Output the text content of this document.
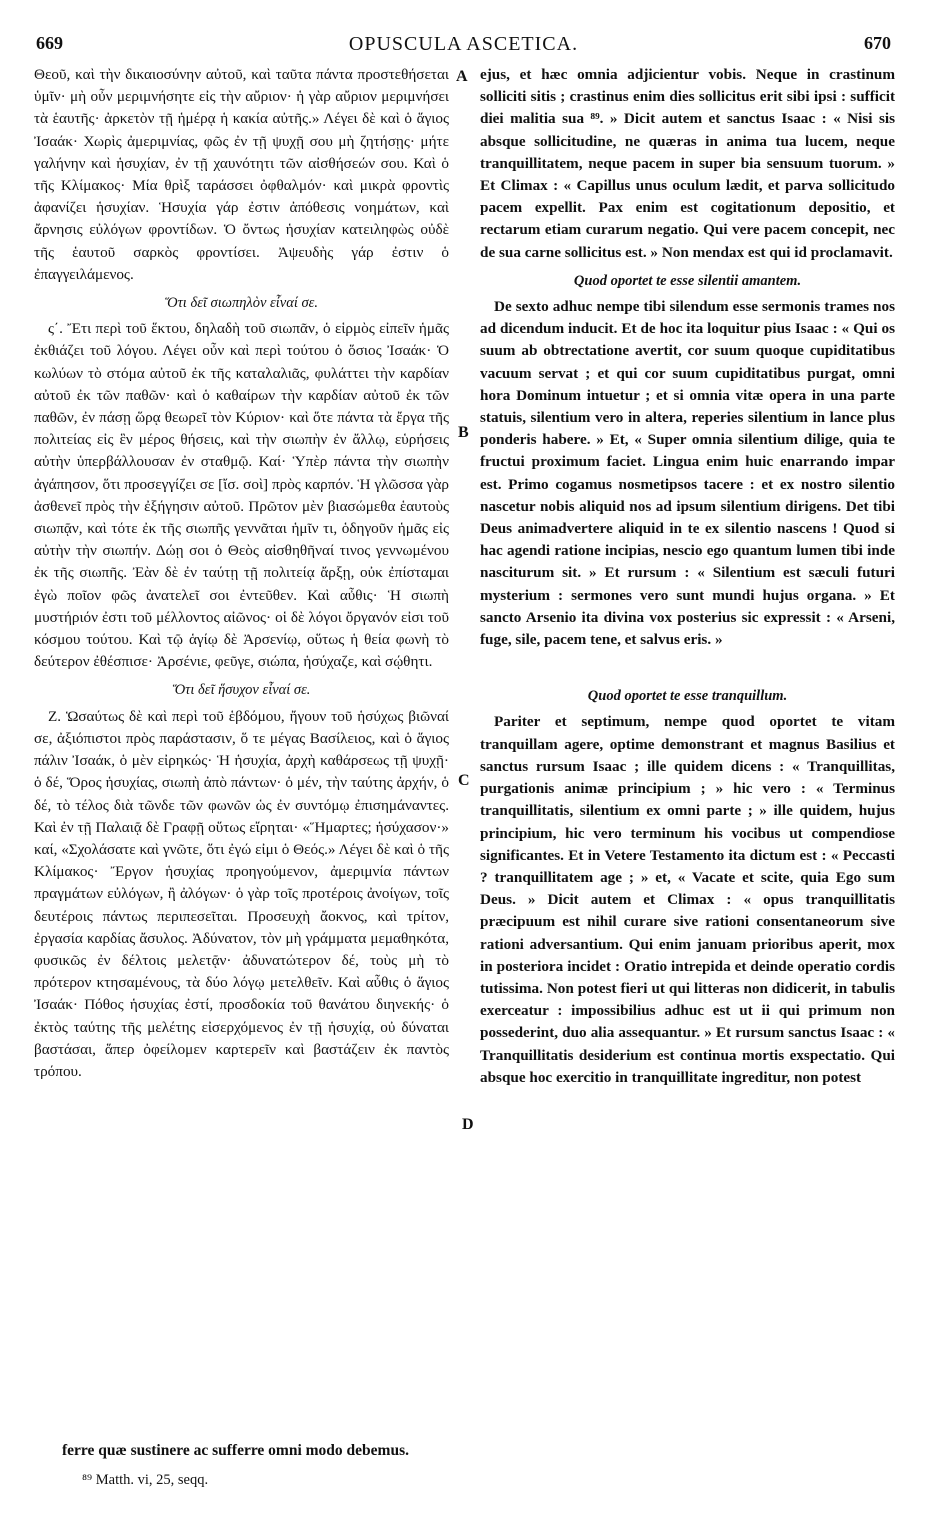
669	OPUSCULA ASCETICA.	670
A
B
C
D

Θεοῦ, καὶ τὴν δικαιοσύνην αὐτοῦ, καὶ ταῦτα πάντα προστεθήσεται ὑμῖν· μὴ οὖν μεριμνήσητε εἰς τὴν αὔριον· ἡ γὰρ αὔριον μεριμνήσει τὰ ἑαυτῆς· ἀρκετὸν τῇ ἡμέρᾳ ἡ κακία αὐτῆς.» Λέγει δὲ καὶ ὁ ἅγιος Ἰσαάκ· Χωρὶς ἀμεριμνίας, φῶς ἐν τῇ ψυχῇ σου μὴ ζητήσῃς· μήτε γαλήνην καὶ ἡσυχίαν, ἐν τῇ χαυνότητι τῶν αἰσθήσεών σου. Καὶ ὁ τῆς Κλίμακος· Μία θρὶξ ταράσσει ὀφθαλμόν· καὶ μικρὰ φροντὶς ἀφανίζει ἡσυχίαν. Ἡσυχία γάρ ἐστιν ἀπόθεσις νοημάτων, καὶ ἄρνησις εὐλόγων φροντίδων. Ὁ ὄντως ἡσυχίαν κατειληφὼς οὐδὲ τῆς ἑαυτοῦ σαρκὸς φροντίσει. Ἀψευδὴς γάρ ἐστιν ὁ ἐπαγγειλάμενος.

Ὅτι δεῖ σιωπηλὸν εἶναί σε.

ς΄. Ἔτι περὶ τοῦ ἕκτου, δηλαδὴ τοῦ σιωπᾶν, ὁ εἱρμὸς εἰπεῖν ἡμᾶς ἐκθιάζει τοῦ λόγου. Λέγει οὖν καὶ περὶ τούτου ὁ ὅσιος Ἰσαάκ· Ὁ κωλύων τὸ στόμα αὐτοῦ ἐκ τῆς καταλαλιᾶς, φυλάττει τὴν καρδίαν αὐτοῦ ἐκ τῶν παθῶν· καὶ ὁ καθαίρων τὴν καρδίαν αὐτοῦ ἐκ τῶν παθῶν, ἐν πάσῃ ὥρᾳ θεωρεῖ τὸν Κύριον· καὶ ὅτε πάντα τὰ ἔργα τῆς πολιτείας εἰς ἓν μέρος θήσεις, καὶ τὴν σιωπὴν ἐν ἄλλῳ, εὑρήσεις αὐτὴν ὑπερβάλλουσαν ἐν σταθμῷ. Καί· Ὑπὲρ πάντα τὴν σιωπὴν ἀγάπησον, ὅτι προσεγγίζει σε [ἴσ. σοὶ] πρὸς καρπόν. Ἡ γλῶσσα γὰρ ἀσθενεῖ πρὸς τὴν ἐξήγησιν αὐτοῦ. Πρῶτον μὲν βιασώμεθα ἑαυτοὺς σιωπᾷν, καὶ τότε ἐκ τῆς σιωπῆς γεννᾶται ἡμῖν τι, ὁδηγοῦν ἡμᾶς εἰς αὐτὴν τὴν σιωπήν. Δώῃ σοι ὁ Θεὸς αἰσθηθῆναί τινος γεννωμένου ἐκ τῆς σιωπῆς. Ἐὰν δὲ ἐν ταύτῃ τῇ πολιτείᾳ ἄρξῃ, οὐκ ἐπίσταμαι ἐγὼ ποῖον φῶς ἀνατελεῖ σοι ἐντεῦθεν. Καὶ αὖθις· Ἡ σιωπὴ μυστήριόν ἐστι τοῦ μέλλοντος αἰῶνος· οἱ δὲ λόγοι ὄργανόν εἰσι τοῦ κόσμου τούτου. Καὶ τῷ ἁγίῳ δὲ Ἀρσενίῳ, οὕτως ἡ θεία φωνὴ τὸ δεύτερον ἐθέσπισε· Ἀρσένιε, φεῦγε, σιώπα, ἡσύχαζε, καὶ σῴθητι.

Ὅτι δεῖ ἥσυχον εἶναί σε.

Ζ. Ὡσαύτως δὲ καὶ περὶ τοῦ ἑβδόμου, ἤγουν τοῦ ἡσύχως βιῶναί σε, ἀξιόπιστοι πρὸς παράστασιν, ὅ τε μέγας Βασίλειος, καὶ ὁ ἅγιος πάλιν Ἰσαάκ, ὁ μὲν εἰρηκώς· Ἡ ἡσυχία, ἀρχὴ καθάρσεως τῇ ψυχῇ· ὁ δέ, Ὅρος ἡσυχίας, σιωπὴ ἀπὸ πάντων· ὁ μέν, τὴν ταύτης ἀρχήν, ὁ δέ, τὸ τέλος διὰ τῶνδε τῶν φωνῶν ὡς ἐν συντόμῳ ἐπισημάναντες. Καὶ ἐν τῇ Παλαιᾷ δὲ Γραφῇ οὕτως εἴρηται· «Ἥμαρτες; ἡσύχασον·» καί, «Σχολάσατε καὶ γνῶτε, ὅτι ἐγώ εἰμι ὁ Θεός.» Λέγει δὲ καὶ ὁ τῆς Κλίμακος· Ἔργον ἡσυχίας προηγούμενον, ἀμεριμνία πάντων πραγμάτων εὐλόγων, ἢ ἀλόγων· ὁ γὰρ τοῖς προτέροις ἀνοίγων, τοῖς δευτέροις πάντως περιπεσεῖται. Προσευχὴ ἄοκνος, καὶ τρίτον, ἐργασία καρδίας ἄσυλος. Ἀδύνατον, τὸν μὴ γράμματα μεμαθηκότα, φυσικῶς ἐν δέλτοις μελετᾷν· ἀδυνατώτερον δέ, τοὺς μὴ τὸ πρότερον κτησαμένους, τὰ δύο λόγῳ μετελθεῖν. Καὶ αὖθις ὁ ἅγιος Ἰσαάκ· Πόθος ἡσυχίας ἐστί, προσδοκία τοῦ θανάτου διηνεκής· ὁ ἐκτὸς ταύτης τῆς μελέτης εἰσερχόμενος ἐν τῇ ἡσυχίᾳ, οὐ δύναται βαστάσαι, ἅπερ ὀφείλομεν καρτερεῖν καὶ βαστάζειν ἐκ παντὸς τρόπου.

ejus, et hæc omnia adjicientur vobis. Neque in crastinum solliciti sitis ; crastinus enim dies sollicitus erit sibi ipsi : sufficit diei malitia sua ⁸⁹. » Dicit autem et sanctus Isaac : « Nisi sis absque sollicitudine, ne quæras in anima tua lucem, neque tranquillitatem, neque pacem in super bia sensuum tuorum. » Et Climax : « Capillus unus oculum lædit, et parva sollicitudo pacem expellit. Pax enim est cogitationum depositio, et rectarum etiam curarum negatio. Qui vere pacem concepit, nec de sua carne sollicitus est. » Non mendax est qui id proclamavit.

Quod oportet te esse silentii amantem.

De sexto adhuc nempe tibi silendum esse sermonis trames nos ad dicendum inducit. Et de hoc ita loquitur pius Isaac : « Qui os suum ab obtrectatione avertit, cor suum quoque cupiditatibus vacuum servat ; et qui cor suum cupiditatibus purgat, omni hora Dominum intuetur ; et si omnia vitæ opera in una parte statuis, silentium vero in altera, reperies silentium in lance plus ponderis habere. » Et, « Super omnia silentium dilige, quia te fructui proximum faciet. Lingua enim huic enarrando impar est. Primo cogamus nosmetipsos tacere : et ex nostro silentio nascetur nobis aliquid nos ad ipsum silentium dirigens. Det tibi Deus animadvertere aliquid in te ex silentio nascens ! Quod si hac agendi ratione incipias, nescio ego quantum lumen tibi inde nasciturum sit. » Et rursum : « Silentium est sæculi futuri mysterium : sermones vero sunt mundi hujus organa. » Et sancto Arsenio ita divina vox posterius sic expressit : « Arseni, fuge, sile, pacem tene, et salvus eris. »

Quod oportet te esse tranquillum.

Pariter et septimum, nempe quod oportet te vitam tranquillam agere, optime demonstrant et magnus Basilius et sanctus rursum Isaac ; ille quidem dicens : « Tranquillitas, purgationis animæ principium ; » hic vero : « Terminus tranquillitatis, silentium ex omni parte ; » ille quidem, hujus principium, hic vero terminum his vocibus ut compendiose significantes. Et in Vetere Testamento ita dictum est : « Peccasti ? tranquillitatem age ; » et, « Vacate et scite, quia Ego sum Deus. » Dicit autem et Climax : « opus tranquillitatis præcipuum est nihil curare sive rationi consentaneorum sive rationi adversantium. Qui enim januam prioribus aperit, mox in posteriora incidet : Oratio intrepida et deinde operatio cordis tutissima. Non potest fieri ut qui litteras non didicerit, in tabulis exerceatur : impossibilius adhuc est ut ii qui primum non possederint, duo alia assequantur. » Et rursum sanctus Isaac : « Tranquillitatis desiderium est continua mortis exspectatio. Qui absque hoc exercitio in tranquillitate ingreditur, non potest

ferre quæ sustinere ac sufferre omni modo debemus.
⁸⁹ Matth. vi, 25, seqq.
